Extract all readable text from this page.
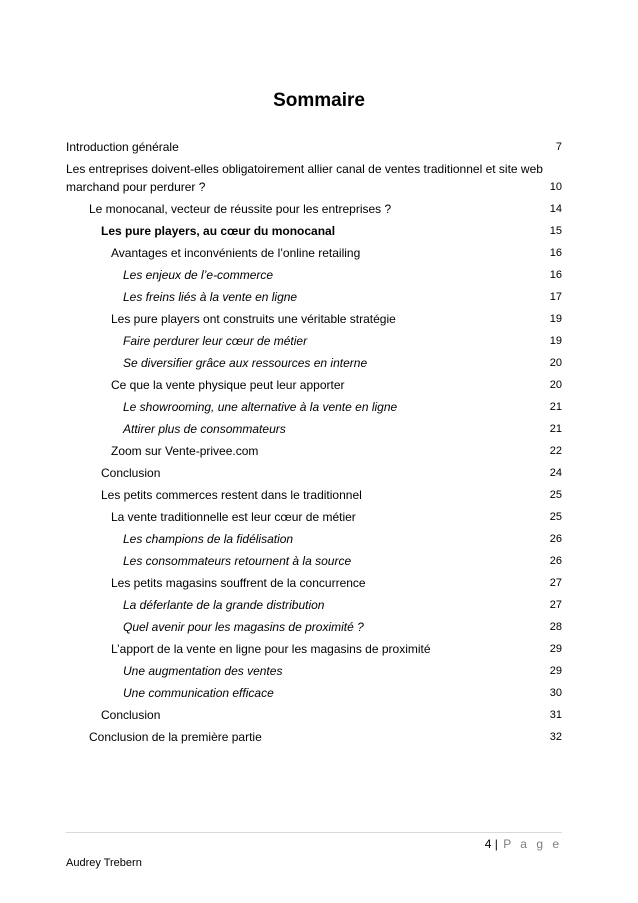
Sommaire
Introduction générale	7
Les entreprises doivent-elles obligatoirement allier canal de ventes traditionnel et site web
marchand pour perdurer ?	10
Le monocanal, vecteur de réussite pour les entreprises ?	14
Les pure players, au cœur du monocanal	15
Avantages et inconvénients de l’online retailing	16
Les enjeux de l’e-commerce	16
Les freins liés à la vente en ligne	17
Les pure players ont construits une véritable stratégie	19
Faire perdurer leur cœur de métier	19
Se diversifier grâce aux ressources en interne	20
Ce que la vente physique peut leur apporter	20
Le showrooming, une alternative à la vente en ligne	21
Attirer plus de consommateurs	21
Zoom sur Vente-privee.com	22
Conclusion	24
Les petits commerces restent dans le traditionnel	25
La vente traditionnelle est leur cœur de métier	25
Les champions de la fidélisation	26
Les consommateurs retournent à la source	26
Les petits magasins souffrent de la concurrence	27
La déferlante de la grande distribution	27
Quel avenir pour les magasins de proximité ?	28
L’apport de la vente en ligne pour les magasins de proximité	29
Une augmentation des ventes	29
Une communication efficace	30
Conclusion	31
Conclusion de la première partie	32
4 | P a g e
Audrey Trebern
